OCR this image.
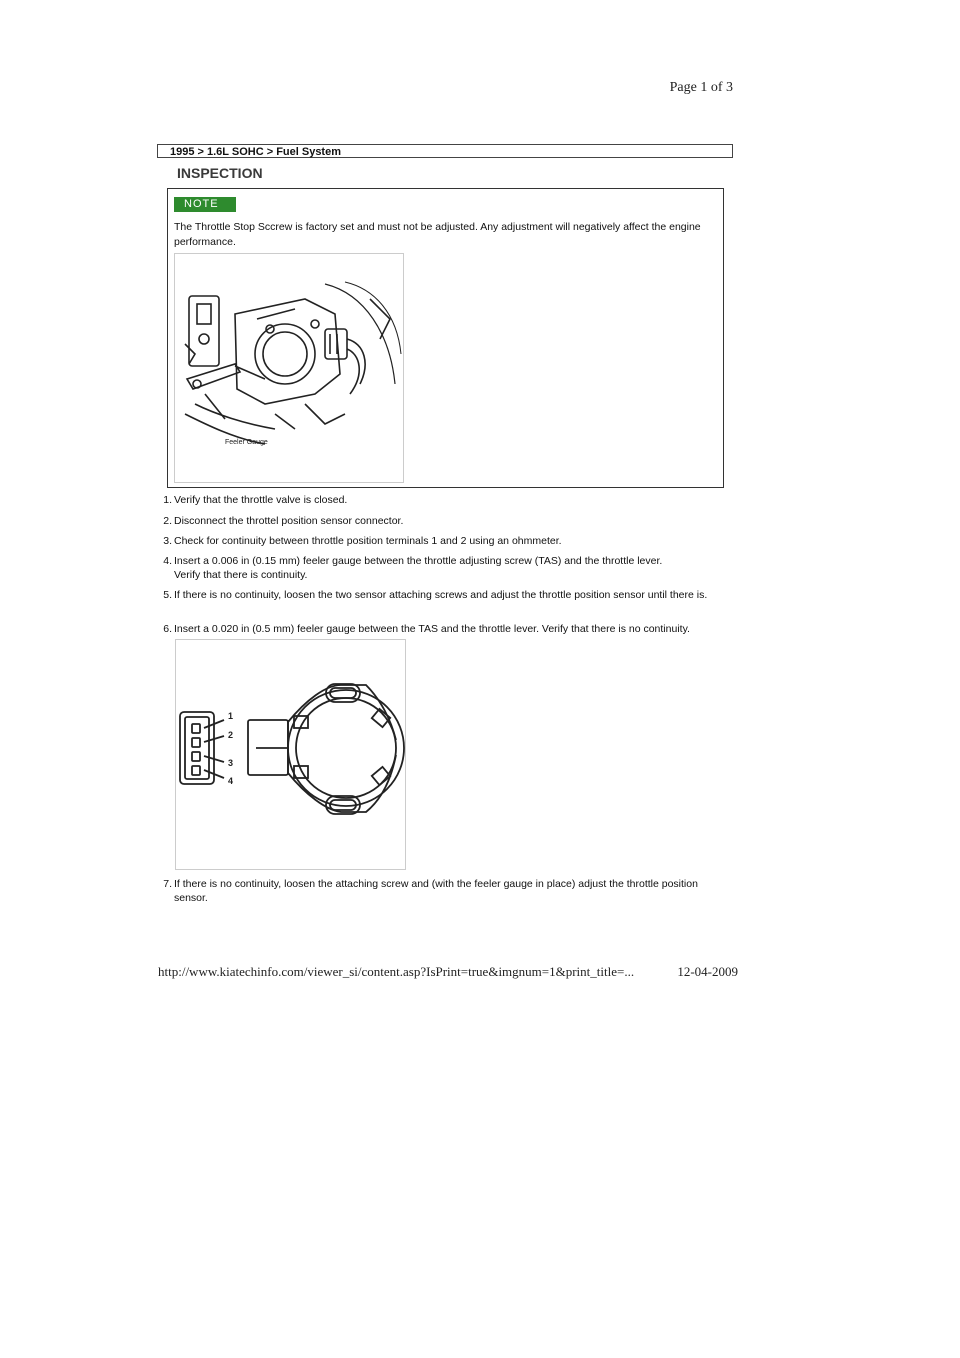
Page 1 of 3
1995 > 1.6L SOHC > Fuel System
INSPECTION
NOTE
The Throttle Stop Sccrew is factory set and must not be adjusted. Any adjustment will negatively affect the engine performance.
Feeler Gauge
1. Verify that the throttle valve is closed.
2. Disconnect the throttel position sensor connector.
3. Check for continuity between throttle position terminals 1 and 2 using an ohmmeter.
4. Insert a 0.006 in (0.15 mm) feeler gauge between the throttle adjusting screw (TAS) and the throttle lever.
Verify that there is continuity.
5. If there is no continuity, loosen the two sensor attaching screws and adjust the throttle position sensor until there is.
6. Insert a 0.020 in (0.5 mm) feeler gauge between the TAS and the throttle lever. Verify that there is no continuity.
7. If there is no continuity, loosen the attaching screw and (with the feeler gauge in place) adjust the throttle position sensor.
1
2
3
4
http://www.kiatechinfo.com/viewer_si/content.asp?IsPrint=true&imgnum=1&print_title=...	12-04-2009
